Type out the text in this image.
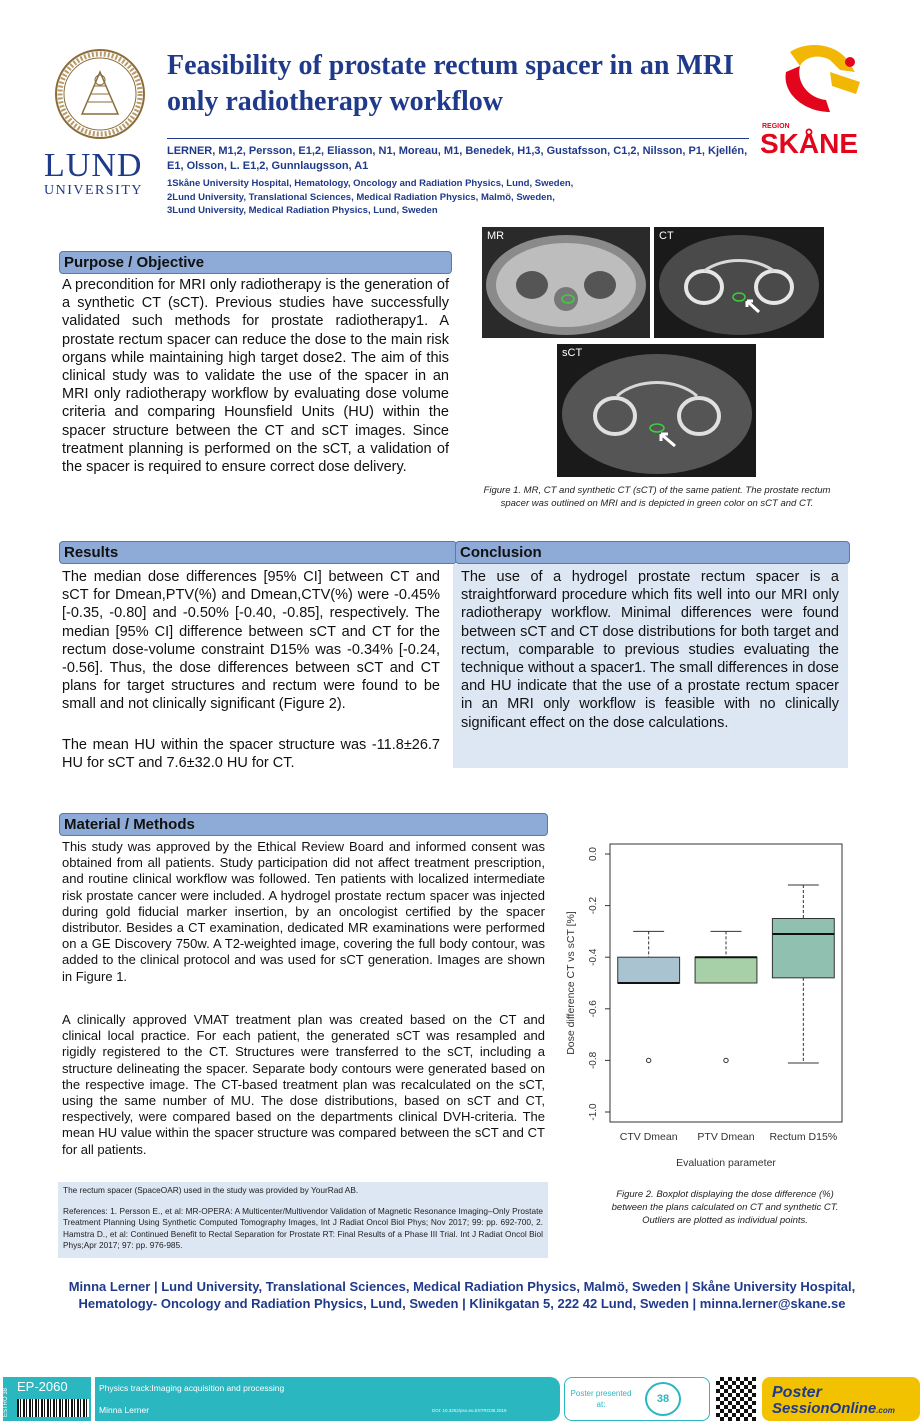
LUND
UNIVERSITY
Feasibility of prostate rectum spacer in an MRI only radiotherapy workflow
LERNER, M1,2, Persson, E1,2, Eliasson, N1, Moreau, M1, Benedek, H1,3, Gustafsson, C1,2, Nilsson, P1, Kjellén, E1, Olsson, L. E1,2, Gunnlaugsson, A1
1Skåne University Hospital, Hematology, Oncology and Radiation Physics, Lund, Sweden,
2Lund University, Translational Sciences, Medical Radiation Physics, Malmö, Sweden,
3Lund University, Medical Radiation Physics, Lund, Sweden
REGION
SKÅNE
Purpose / Objective
A precondition for MRI only radiotherapy is the generation of a synthetic CT (sCT). Previous studies have successfully validated such methods for prostate radiotherapy1. A prostate rectum spacer can reduce the dose to the main risk organs while maintaining high target dose2. The aim of this clinical study was to validate the use of the spacer in an MRI only radiotherapy workflow by evaluating dose volume criteria and comparing Hounsfield Units (HU) within the spacer structure between the CT and sCT images. Since treatment planning is performed on the sCT, a validation of the spacer is required to ensure correct dose delivery.
MR	CT
sCT
Figure 1. MR, CT and synthetic CT (sCT) of the same patient. The prostate rectum spacer was outlined on MRI and is depicted in green color on sCT and CT.
Results
The median dose differences [95% CI] between CT and sCT for Dmean,PTV(%) and Dmean,CTV(%) were -0.45% [-0.35, -0.80] and -0.50% [-0.40, -0.85], respectively. The median [95% CI] difference between sCT and CT for the rectum dose-volume constraint D15% was -0.34% [-0.24, -0.56]. Thus, the dose differences between sCT and CT plans for target structures and rectum were found to be small and not clinically significant (Figure 2).
The mean HU within the spacer structure was -11.8±26.7 HU for sCT and 7.6±32.0 HU for CT.
Conclusion
The use of a hydrogel prostate rectum spacer is a straightforward procedure which fits well into our MRI only radiotherapy workflow. Minimal differences were found between sCT and CT dose distributions for both target and rectum, comparable to previous studies evaluating the technique without a spacer1. The small differences in dose and HU indicate that the use of a prostate rectum spacer in an MRI only workflow is feasible with no clinically significant effect on the dose calculations.
Material / Methods
This study was approved by the Ethical Review Board and informed consent was obtained from all patients. Study participation did not affect treatment prescription, and routine clinical workflow was followed. Ten patients with localized intermediate risk prostate cancer were included. A hydrogel prostate rectum spacer was injected during gold fiducial marker insertion, by an oncologist certified by the spacer distributor. Besides a CT examination, dedicated MR examinations were performed on a GE Discovery 750w. A T2-weighted image, covering the full body contour, was added to the clinical protocol and was used for sCT generation. Images are shown in Figure 1.
A clinically approved VMAT treatment plan was created based on the CT and clinical local practice. For each patient, the generated sCT was resampled and rigidly registered to the CT. Structures were transferred to the sCT, including a structure delineating the spacer. Separate body contours were generated based on the respective image. The CT-based treatment plan was recalculated on the sCT, using the same number of MU. The dose distributions, based on sCT and CT, respectively, were compared based on the departments clinical DVH-criteria. The mean HU value within the spacer structure was compared between the sCT and CT for all patients.
The rectum spacer (SpaceOAR) used in the study was provided by YourRad AB.
References: 1. Persson E., et al: MR-OPERA: A Multicenter/Multivendor Validation of Magnetic Resonance Imaging–Only Prostate Treatment Planning Using Synthetic Computed Tomography Images, Int J Radiat Oncol Biol Phys; Nov 2017; 99: pp. 692-700, 2. Hamstra D., et al: Continued Benefit to Rectal Separation for Prostate RT: Final Results of a Phase III Trial. Int J Radiat Oncol Biol Phys;Apr 2017; 97: pp. 976-985.
0.0
-0.2
-0.4
-0.6
-0.8
-1.0
Dose difference CT vs sCT [%]
CTV Dmean PTV Dmean Rectum D15%
Evaluation parameter
Figure 2. Boxplot displaying the dose difference (%) between the plans calculated on CT and synthetic CT. Outliers are plotted as individual points.
Minna Lerner | Lund University, Translational Sciences, Medical Radiation Physics, Malmö, Sweden | Skåne University Hospital,
Hematology- Oncology and Radiation Physics, Lund, Sweden | Klinikgatan 5, 222 42 Lund, Sweden | minna.lerner@skane.se
ESTRO 38
EP-2060	Physics track:Imaging acquisition and processing
Minna Lerner	DOI: 10.3252/pso.eu.ESTRO38.2019
Poster presented at:	38	Poster
SessionOnline.com
